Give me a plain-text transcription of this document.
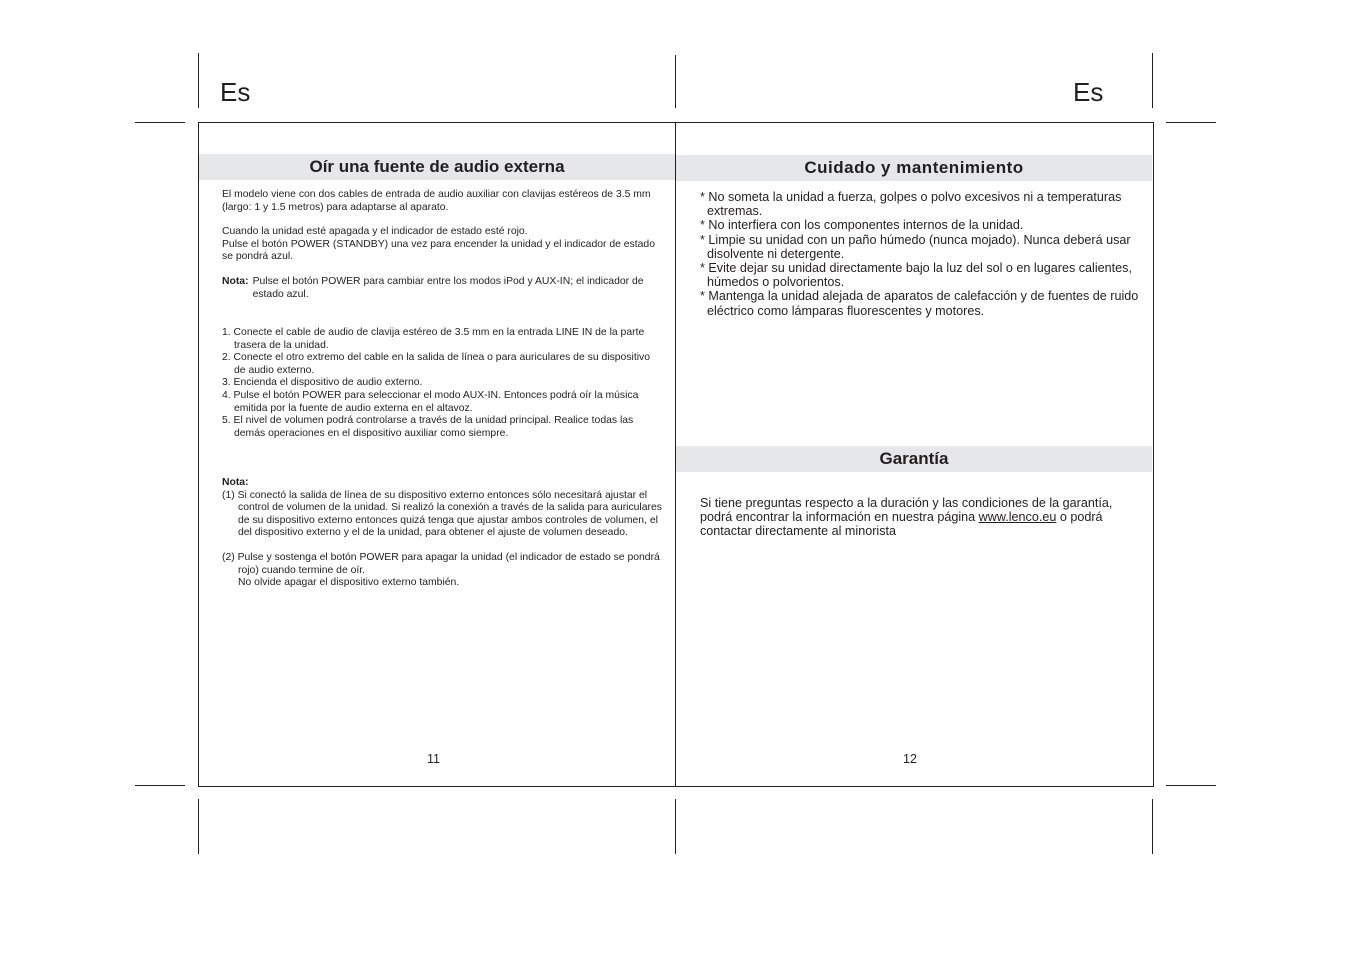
Es	Es
Oír una fuente de audio externa

El modelo viene con dos cables de entrada de audio auxiliar con clavijas estéreos de 3.5 mm (largo: 1 y 1.5 metros) para adaptarse al aparato.

Cuando la unidad esté apagada y el indicador de estado esté rojo.

Pulse el botón POWER (STANDBY) una vez para encender la unidad y el indicador de estado se pondrá azul.

Nota: Pulse el botón POWER para cambiar entre los modos iPod y AUX-IN; el indicador de estado azul.

1. Conecte el cable de audio de clavija estéreo de 3.5 mm en la entrada LINE IN de la parte trasera de la unidad.

2. Conecte el otro extremo del cable en la salida de línea o para auriculares de su dispositivo de audio externo.

3. Encienda el dispositivo de audio externo.

4. Pulse el botón POWER para seleccionar el modo AUX-IN. Entonces podrá oír la música emitida por la fuente de audio externa en el altavoz.

5. El nivel de volumen podrá controlarse a través de la unidad principal. Realice todas las demás operaciones en el dispositivo auxiliar como siempre.

Nota:

(1) Si conectó la salida de línea de su dispositivo externo entonces sólo necesitará ajustar el control de volumen de la unidad. Si realizó la conexión a través de la salida para auriculares de su dispositivo externo entonces quizá tenga que ajustar ambos controles de volumen, el del dispositivo externo y el de la unidad, para obtener el ajuste de volumen deseado.

(2) Pulse y sostenga el botón POWER para apagar la unidad (el indicador de estado se pondrá rojo) cuando termine de oír.

No olvide apagar el dispositivo externo también.

11
Cuidado y mantenimiento

* No someta la unidad a fuerza, golpes o polvo excesivos ni a temperaturas extremas.

* No interfiera con los componentes internos de la unidad.

* Limpie su unidad con un paño húmedo (nunca mojado). Nunca deberá usar disolvente ni detergente.

* Evite dejar su unidad directamente bajo la luz del sol o en lugares calientes, húmedos o polvorientos.

* Mantenga la unidad alejada de aparatos de calefacción y de fuentes de ruido eléctrico como lámparas fluorescentes y motores.

Garantía

Si tiene preguntas respecto a la duración y las condiciones de la garantía, podrá encontrar la información en nuestra página www.lenco.eu o podrá contactar directamente al minorista

12
